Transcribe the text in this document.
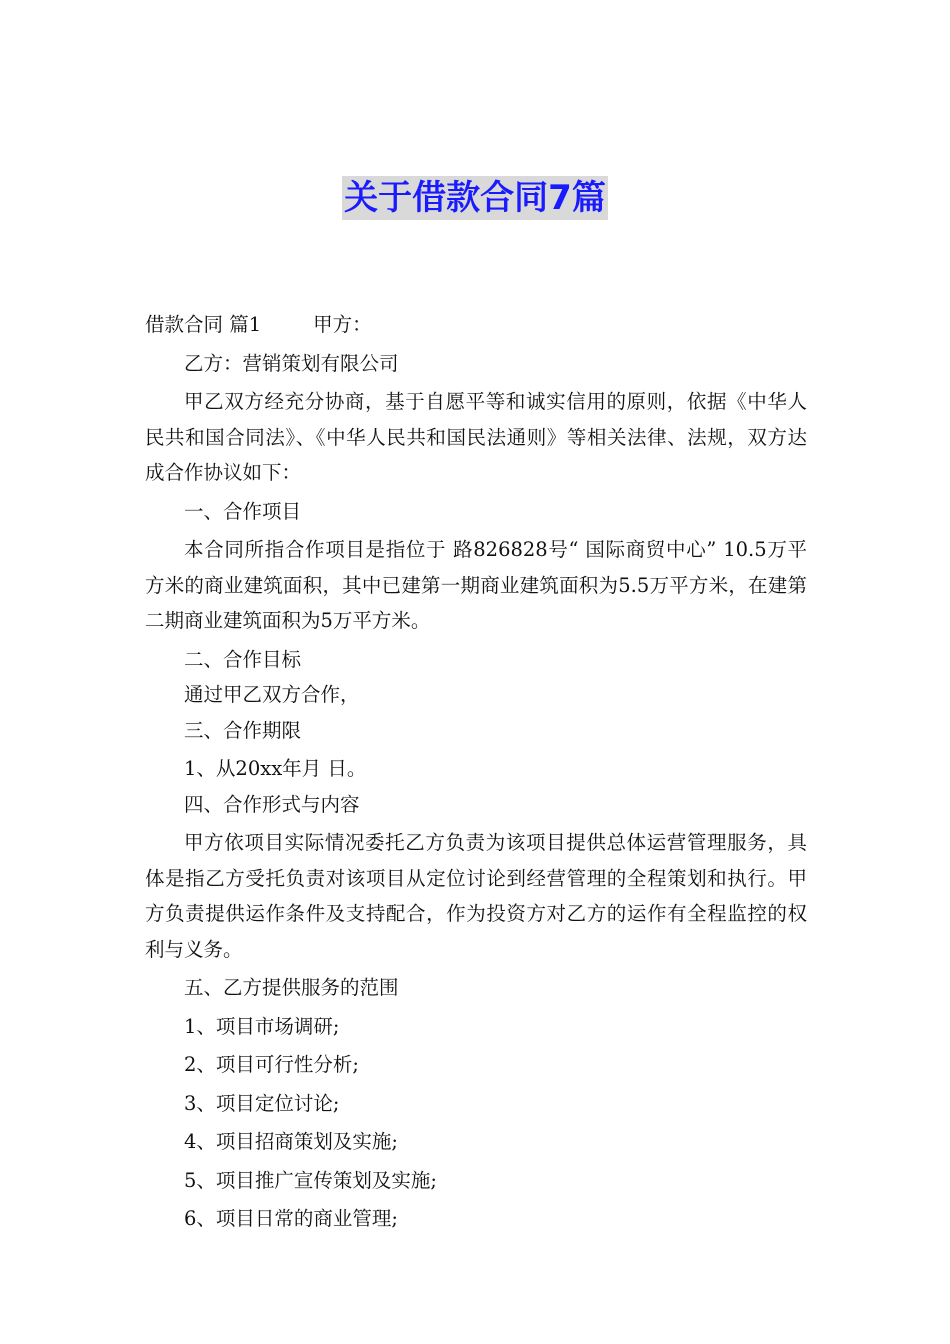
关于借款合同7篇

借款合同 篇1	甲方：

乙方：营销策划有限公司

甲乙双方经充分协商，基于自愿平等和诚实信用的原则，依据《中华人民共和国合同法》、《中华人民共和国民法通则》等相关法律、法规，双方达成合作协议如下：

一、合作项目

本合同所指合作项目是指位于 路826828号“ 国际商贸中心” 10.5万平方米的商业建筑面积，其中已建第一期商业建筑面积为5.5万平方米，在建第二期商业建筑面积为5万平方米。

二、合作目标

通过甲乙双方合作，

三、合作期限

1、从20xx年月 日。

四、合作形式与内容

甲方依项目实际情况委托乙方负责为该项目提供总体运营管理服务，具体是指乙方受托负责对该项目从定位讨论到经营管理的全程策划和执行。甲方负责提供运作条件及支持配合，作为投资方对乙方的运作有全程监控的权利与义务。

五、乙方提供服务的范围

1、项目市场调研;

2、项目可行性分析;

3、项目定位讨论;

4、项目招商策划及实施;

5、项目推广宣传策划及实施;

6、项目日常的商业管理;
